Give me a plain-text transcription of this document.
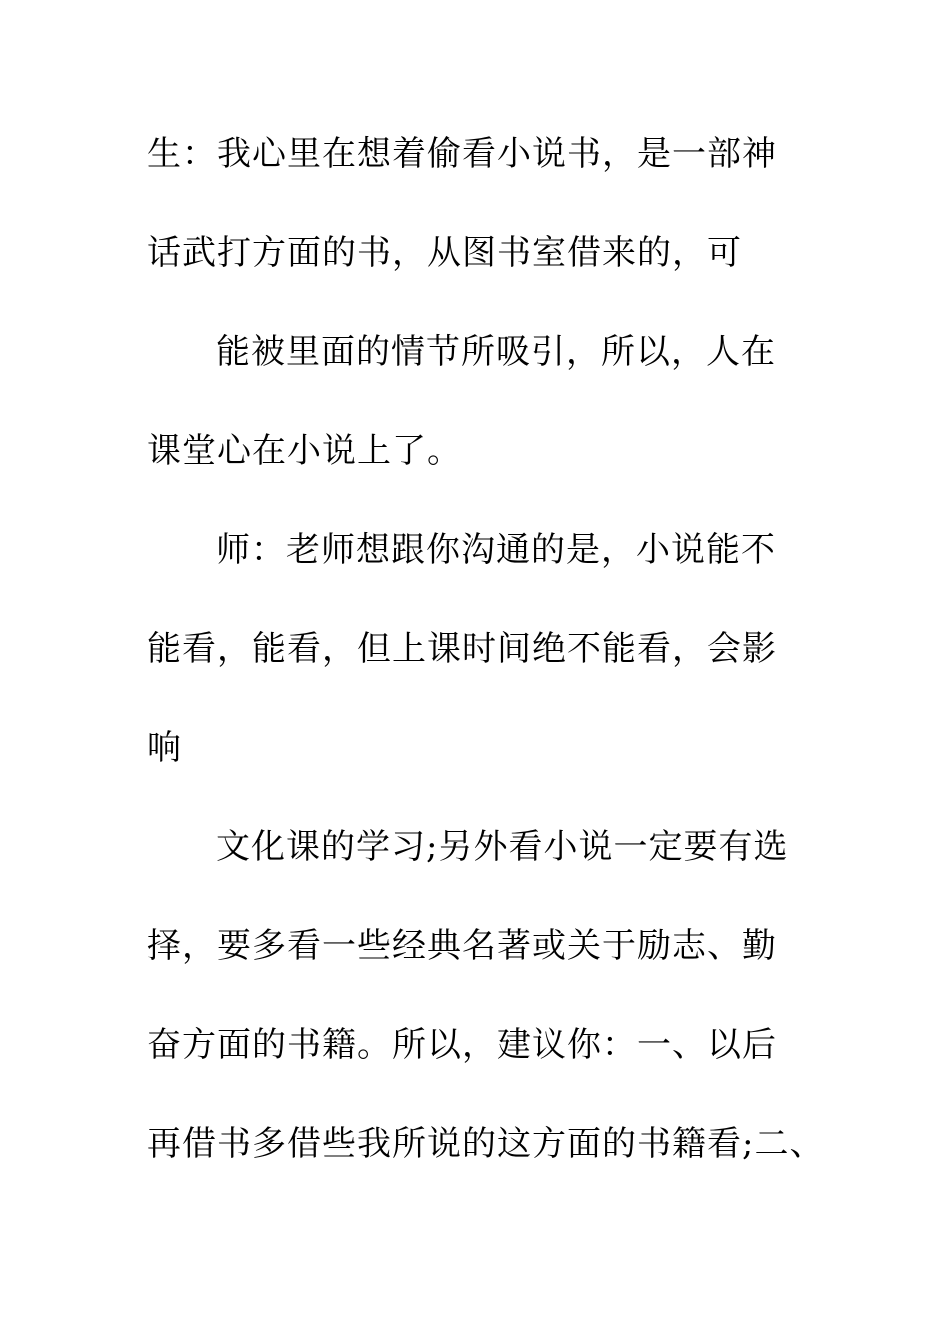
生：我心里在想着偷看小说书，是一部神

话武打方面的书，从图书室借来的，可

能被里面的情节所吸引，所以，人在

课堂心在小说上了。

师：老师想跟你沟通的是，小说能不

能看，能看，但上课时间绝不能看，会影

响

文化课的学习;另外看小说一定要有选

择，要多看一些经典名著或关于励志、勤

奋方面的书籍。所以，建议你：一、以后

再借书多借些我所说的这方面的书籍看;二、
